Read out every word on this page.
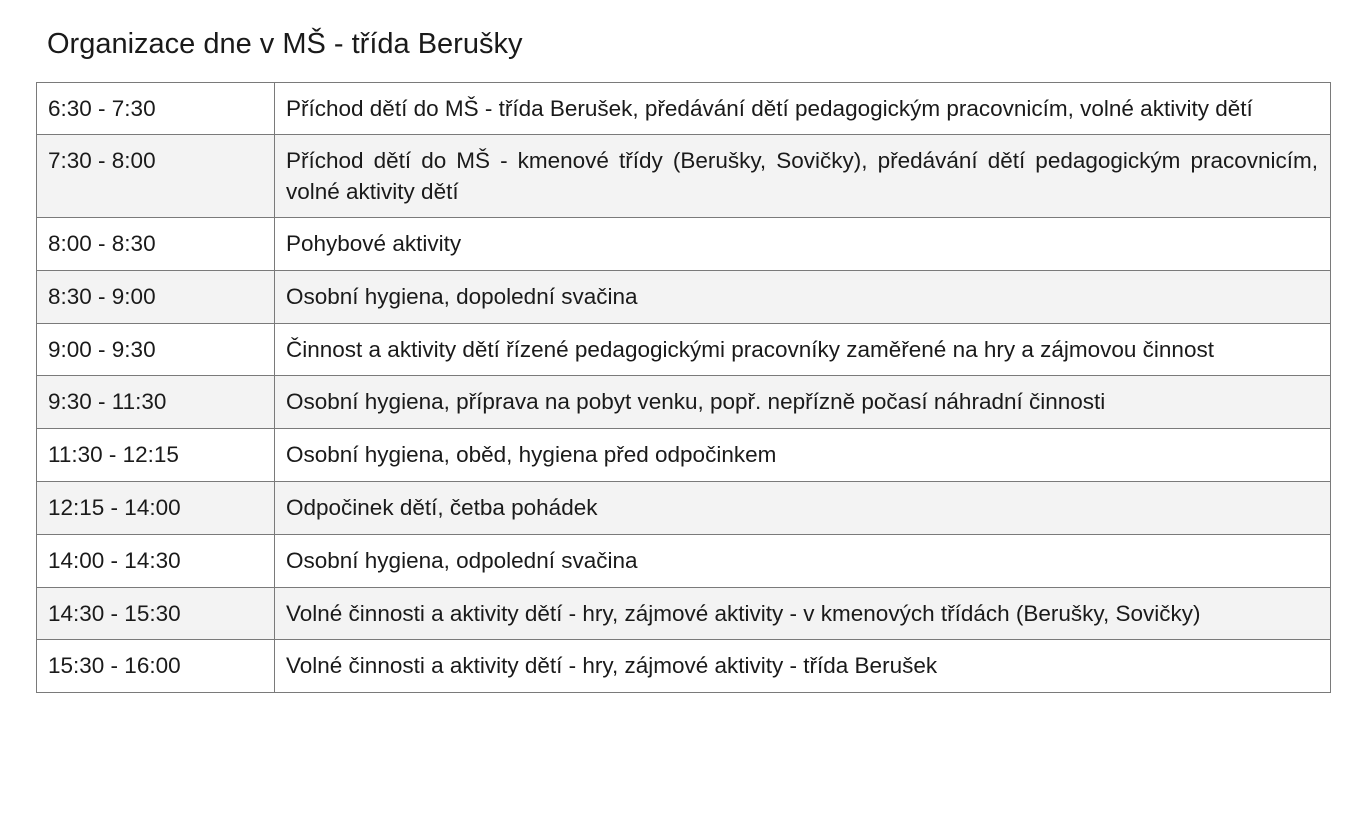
Organizace dne v MŠ - třída Berušky
6:30 - 7:30	Příchod dětí do MŠ - třída Berušek, předávání dětí pedagogickým pracovnicím, volné aktivity dětí
7:30 - 8:00	Příchod dětí do MŠ - kmenové třídy (Berušky, Sovičky), předávání dětí pedagogickým pracovnicím, volné aktivity dětí
8:00 - 8:30	Pohybové aktivity
8:30 - 9:00	Osobní hygiena, dopolední svačina
9:00 - 9:30	Činnost a aktivity dětí řízené pedagogickými pracovníky zaměřené na hry a zájmovou činnost
9:30 - 11:30	Osobní hygiena, příprava na pobyt venku, popř. nepřízně počasí náhradní činnosti
11:30 - 12:15	Osobní hygiena, oběd, hygiena před odpočinkem
12:15 - 14:00	Odpočinek dětí, četba pohádek
14:00 - 14:30	Osobní hygiena, odpolední svačina
14:30 - 15:30	Volné činnosti a aktivity dětí - hry, zájmové aktivity - v kmenových třídách (Berušky, Sovičky)
15:30 - 16:00	Volné činnosti a aktivity dětí - hry, zájmové aktivity - třída Berušek
